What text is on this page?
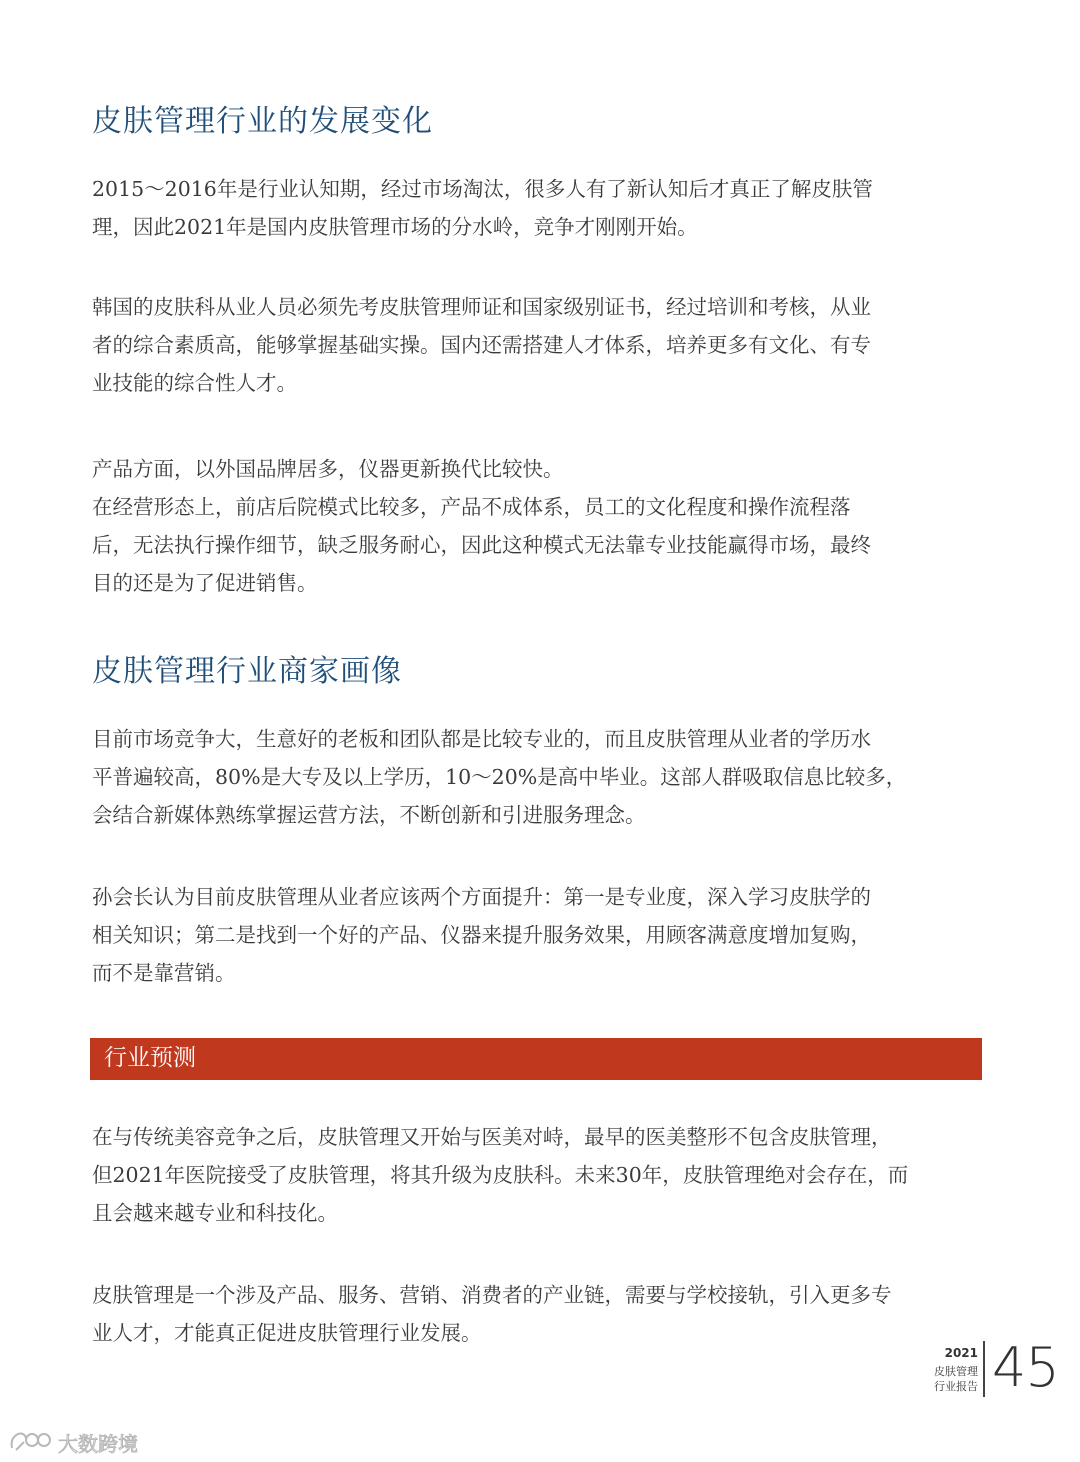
皮肤管理行业的发展变化

2015～2016年是行业认知期，经过市场淘汰，很多人有了新认知后才真正了解皮肤管
理，因此2021年是国内皮肤管理市场的分水岭，竞争才刚刚开始。

韩国的皮肤科从业人员必须先考皮肤管理师证和国家级别证书，经过培训和考核，从业
者的综合素质高，能够掌握基础实操。国内还需搭建人才体系，培养更多有文化、有专
业技能的综合性人才。

产品方面，以外国品牌居多，仪器更新换代比较快。
在经营形态上，前店后院模式比较多，产品不成体系，员工的文化程度和操作流程落
后，无法执行操作细节，缺乏服务耐心，因此这种模式无法靠专业技能赢得市场，最终
目的还是为了促进销售。

皮肤管理行业商家画像

目前市场竞争大，生意好的老板和团队都是比较专业的，而且皮肤管理从业者的学历水
平普遍较高，80%是大专及以上学历，10～20%是高中毕业。这部人群吸取信息比较多，
会结合新媒体熟练掌握运营方法，不断创新和引进服务理念。

孙会长认为目前皮肤管理从业者应该两个方面提升：第一是专业度，深入学习皮肤学的
相关知识；第二是找到一个好的产品、仪器来提升服务效果，用顾客满意度增加复购，
而不是靠营销。

行业预测

在与传统美容竞争之后，皮肤管理又开始与医美对峙，最早的医美整形不包含皮肤管理，
但2021年医院接受了皮肤管理，将其升级为皮肤科。未来30年，皮肤管理绝对会存在，而
且会越来越专业和科技化。

皮肤管理是一个涉及产品、服务、营销、消费者的产业链，需要与学校接轨，引入更多专
业人才，才能真正促进皮肤管理行业发展。

2021
皮肤管理
行业报告 45
大数跨境
